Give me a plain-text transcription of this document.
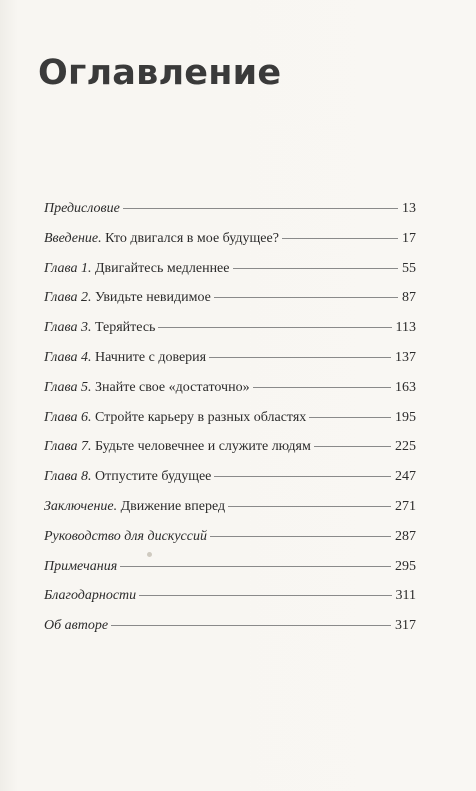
Оглавление
Предисловие	13
Введение. Кто двигался в мое будущее?	17
Глава 1. Двигайтесь медленнее	55
Глава 2. Увидьте невидимое	87
Глава 3. Теряйтесь	113
Глава 4. Начните с доверия	137
Глава 5. Знайте свое «достаточно»	163
Глава 6. Стройте карьеру в разных областях	195
Глава 7. Будьте человечнее и служите людям	225
Глава 8. Отпустите будущее	247
Заключение. Движение вперед	271
Руководство для дискуссий	287
Примечания	295
Благодарности	311
Об авторе	317
